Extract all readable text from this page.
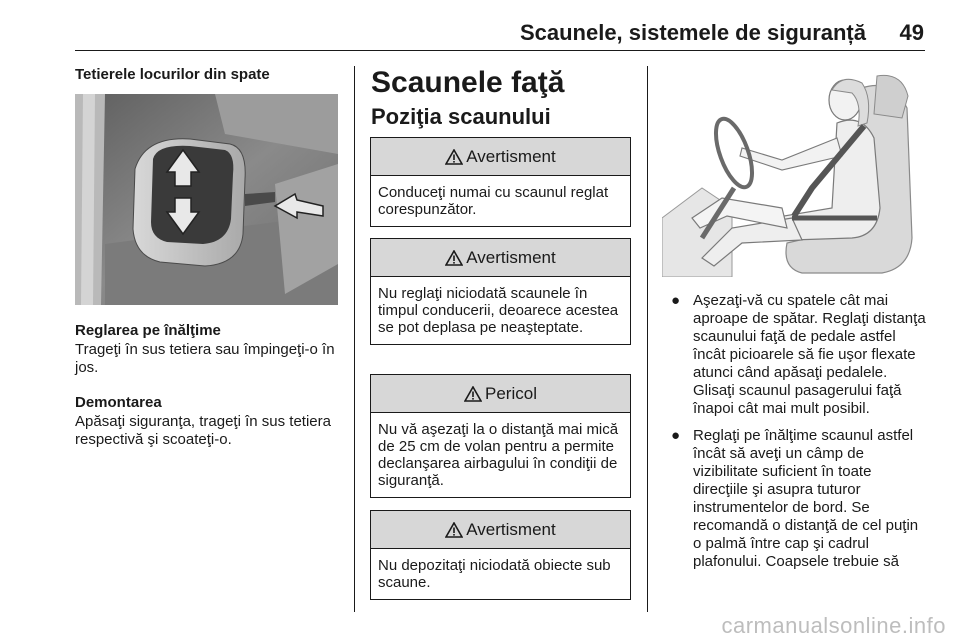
Scaunele, sistemele de siguranță 49
Tetierele locurilor din spate
Reglarea pe înălţime
Trageţi în sus tetiera sau împingeţi-o în jos.
Demontarea
Apăsaţi siguranţa, trageţi în sus tetiera respectivă şi scoateţi-o.
Scaunele faţă
Poziţia scaunului
Avertisment
Conduceţi numai cu scaunul reglat corespunzător.
Avertisment
Nu reglaţi niciodată scaunele în timpul conducerii, deoarece acestea se pot deplasa pe neaşteptate.
Pericol
Nu vă aşezaţi la o distanţă mai mică de 25 cm de volan pentru a permite declanşarea airbagului în condiţii de siguranţă.
Avertisment
Nu depozitaţi niciodată obiecte sub scaune.
● Aşezaţi-vă cu spatele cât mai aproape de spătar. Reglaţi distanţa scaunului faţă de pedale astfel încât picioarele să fie uşor flexate atunci când apăsaţi pedalele. Glisaţi scaunul pasagerului faţă înapoi cât mai mult posibil.
● Reglaţi pe înălţime scaunul astfel încât să aveţi un câmp de vizibilitate suficient în toate direcţiile şi asupra tuturor instrumentelor de bord. Se recomandă o distanţă de cel puţin o palmă între cap şi cadrul plafonului. Coapsele trebuie să
carmanualsonline.info
